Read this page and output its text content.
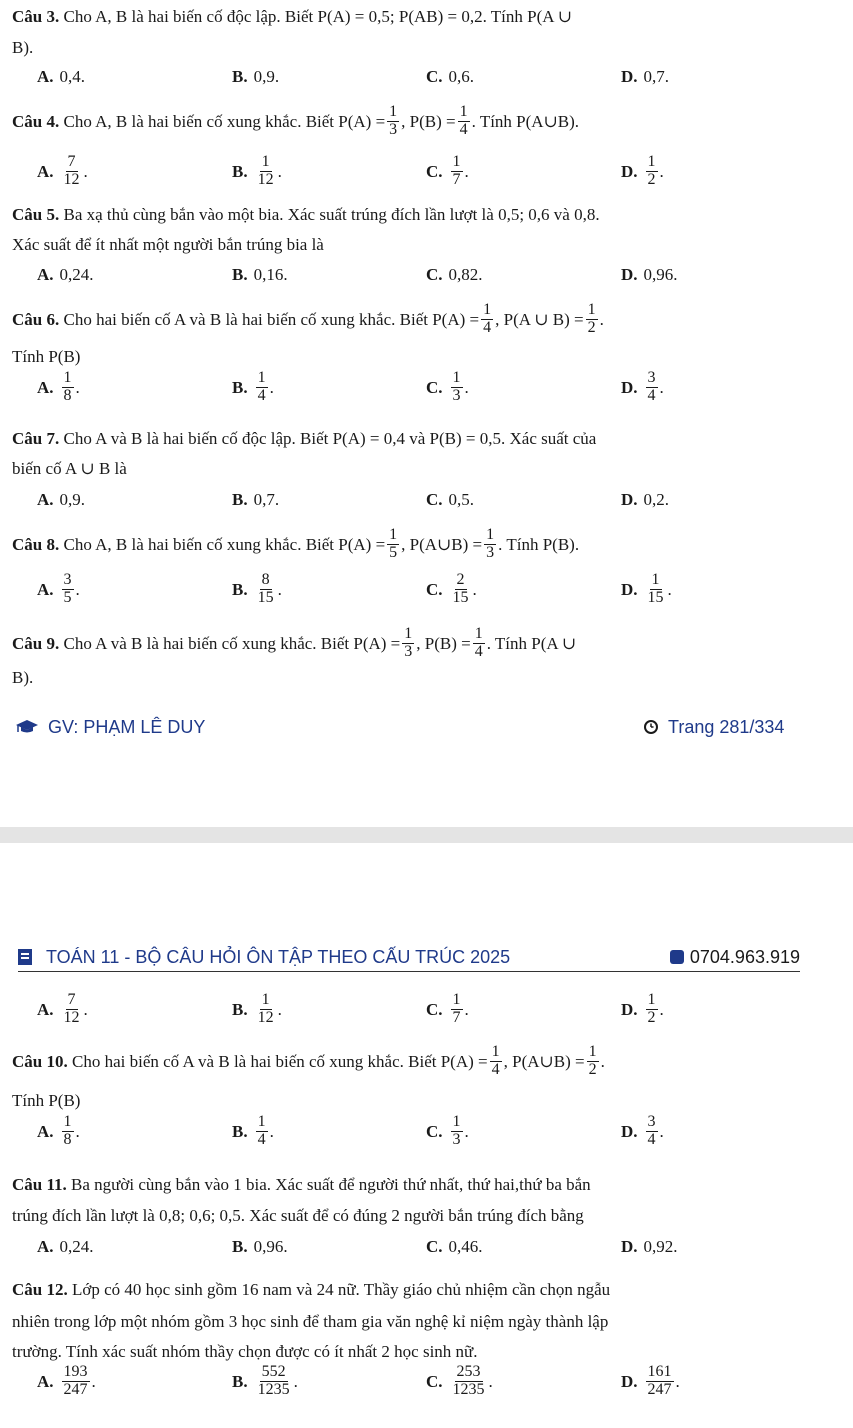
Câu 3. Cho A, B là hai biến cố độc lập. Biết P(A) = 0,5; P(AB) = 0,2. Tính P(A ∪
B).
A. 0,4.	B. 0,9.	C. 0,6.	D. 0,7.
Câu 4.
Cho A, B là hai biến cố xung khắc. Biết $P(A) = \frac{1}{3}$ , $P(B) = \frac{1}{4}$ . Tính P(A∪B).
A. $\frac{7}{12}$ .	B. $\frac{1}{12}$ .	C. $\frac{1}{7}$ .	D. $\frac{1}{2}$ .
Câu 5. Ba xạ thủ cùng bắn vào một bia. Xác suất trúng đích lần lượt là 0,5; 0,6 và 0,8.
Xác suất để ít nhất một người bắn trúng bia là
A. 0,24.	B. 0,16.	C. 0,82.	D. 0,96.
Câu 6.
Cho hai biến cố A và B là hai biến cố xung khắc. Biết $P(A) = \frac{1}{4}$ , P(A ∪ $B) = \frac{1}{2}$ .
Tính P(B)
A. $\frac{1}{8}$ .	B. $\frac{1}{4}$ .	C. $\frac{1}{3}$ .	D. $\frac{3}{4}$ .
Câu 7. Cho A và B là hai biến cố độc lập. Biết P(A) = 0,4 và P(B) = 0,5. Xác suất của
biến cố A ∪ B là
A. 0,9.	B. 0,7.	C. 0,5.	D. 0,2.
Câu 8.
Cho A, B là hai biến cố xung khắc. Biết $P(A) = \frac{1}{5}$ , P(A∪B) = $\frac{1}{3}$ . Tính P(B).
A. $\frac{3}{5}$ .	B. $\frac{8}{15}$ .	C. $\frac{2}{15}$ .	D. $\frac{1}{15}$ .
Câu 9.
Cho A và B là hai biến cố xung khắc. Biết $P(A) = \frac{1}{3}$ , $P(B) = \frac{1}{4}$ . Tính P(A ∪
B).
GV: PHẠM LÊ DUY	Trang 281/334
TOÁN 11 - BỘ CÂU HỎI ÔN TẬP THEO CẤU TRÚC 2025	0704.963.919
A. $\frac{7}{12}$ .	B. $\frac{1}{12}$ .	C. $\frac{1}{7}$ .	D. $\frac{1}{2}$ .
Câu 10.
Cho hai biến cố A và B là hai biến cố xung khắc. Biết $P(A) = \frac{1}{4}$ , P(A∪B) = $\frac{1}{2}$ .
Tính P(B)
A. $\frac{1}{8}$ .	B. $\frac{1}{4}$ .	C. $\frac{1}{3}$ .	D. $\frac{3}{4}$ .
Câu 11. Ba người cùng bắn vào 1 bia. Xác suất để người thứ nhất, thứ hai,thứ ba bắn
trúng đích lần lượt là 0,8; 0,6; 0,5. Xác suất để có đúng 2 người bắn trúng đích bằng
A. 0,24.	B. 0,96.	C. 0,46.	D. 0,92.
Câu 12. Lớp có 40 học sinh gồm 16 nam và 24 nữ. Thầy giáo chủ nhiệm cần chọn ngẫu
nhiên trong lớp một nhóm gồm 3 học sinh để tham gia văn nghệ kỉ niệm ngày thành lập
trường. Tính xác suất nhóm thầy chọn được có ít nhất 2 học sinh nữ.
A. $\frac{193}{247}$ .	B. $\frac{552}{1235}$ .	C. $\frac{253}{1235}$ .	D. $\frac{161}{247}$ .
